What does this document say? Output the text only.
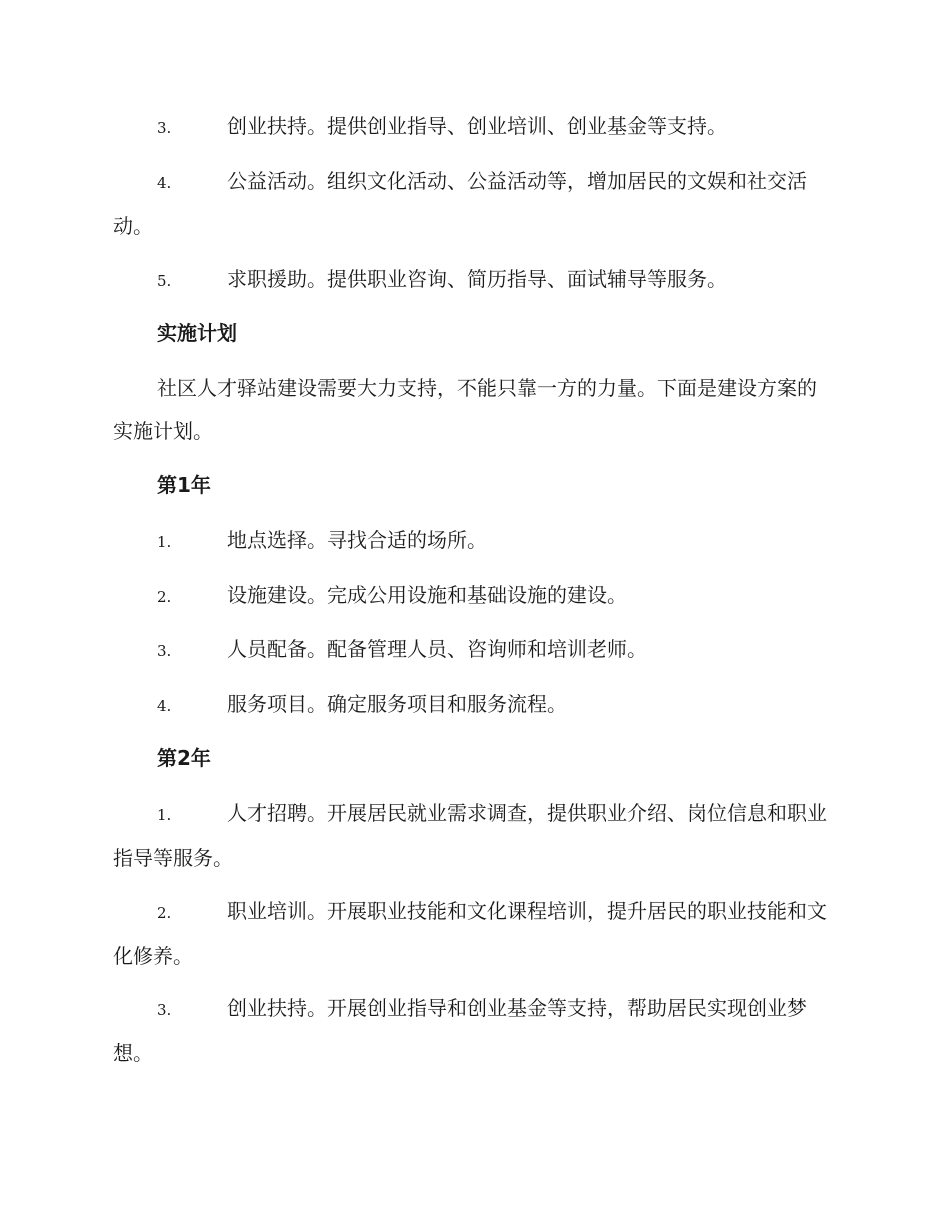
3.	创业扶持。提供创业指导、创业培训、创业基金等支持。

4.	公益活动。组织文化活动、公益活动等，增加居民的文娱和社交活动。

5.	求职援助。提供职业咨询、简历指导、面试辅导等服务。

实施计划

社区人才驿站建设需要大力支持，不能只靠一方的力量。下面是建设方案的实施计划。

第1年

1.	地点选择。寻找合适的场所。

2.	设施建设。完成公用设施和基础设施的建设。

3.	人员配备。配备管理人员、咨询师和培训老师。

4.	服务项目。确定服务项目和服务流程。

第2年

1.	人才招聘。开展居民就业需求调查，提供职业介绍、岗位信息和职业指导等服务。

2.	职业培训。开展职业技能和文化课程培训，提升居民的职业技能和文化修养。

3.	创业扶持。开展创业指导和创业基金等支持，帮助居民实现创业梦想。
